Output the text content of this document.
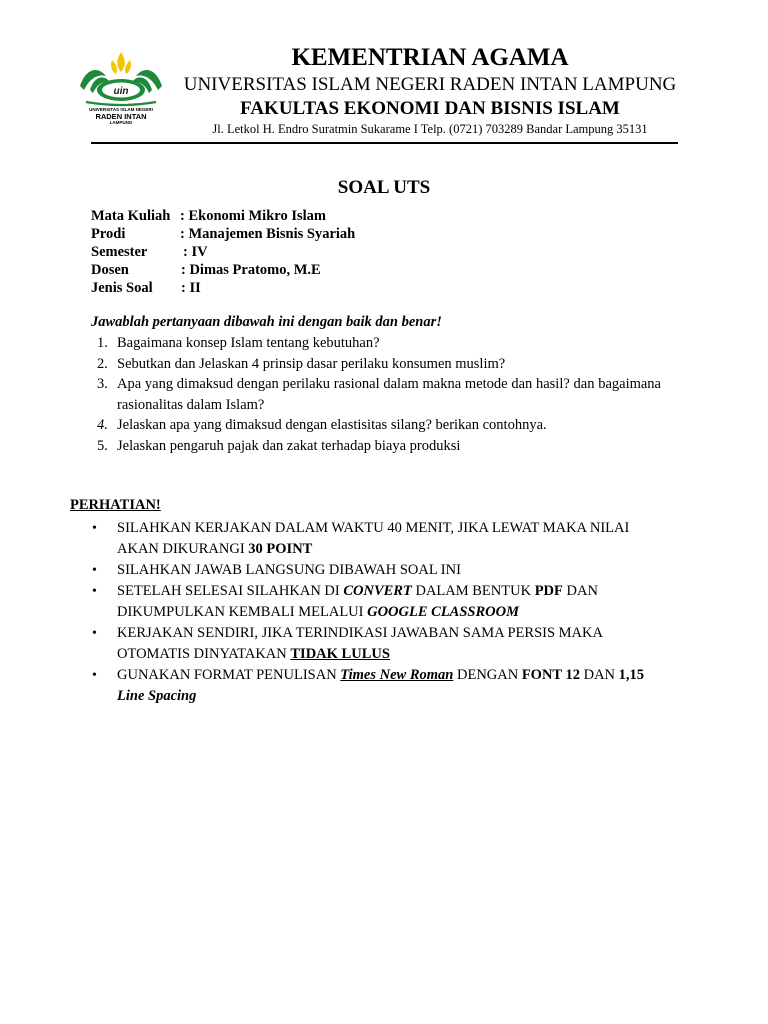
uin
UNIVERSITAS ISLAM NEGERI
RADEN INTAN
LAMPUNG
KEMENTRIAN AGAMA
UNIVERSITAS ISLAM NEGERI RADEN INTAN LAMPUNG
FAKULTAS EKONOMI DAN BISNIS ISLAM
Jl. Letkol H. Endro Suratmin Sukarame I Telp. (0721) 703289 Bandar Lampung 35131
SOAL UTS
Mata Kuliah : Ekonomi Mikro Islam
Prodi	: Manajemen Bisnis Syariah
Semester : IV
Dosen	: Dimas Pratomo, M.E
Jenis Soal : II
Jawablah pertanyaan dibawah ini dengan baik dan benar!
1. Bagaimana konsep Islam tentang kebutuhan?
2. Sebutkan dan Jelaskan 4 prinsip dasar perilaku konsumen muslim?
3. Apa yang dimaksud dengan perilaku rasional dalam makna metode dan hasil? dan bagaimana rasionalitas dalam Islam?
4. Jelaskan apa yang dimaksud dengan elastisitas silang? berikan contohnya.
5. Jelaskan pengaruh pajak dan zakat terhadap biaya produksi
PERHATIAN!
• SILAHKAN KERJAKAN DALAM WAKTU 40 MENIT, JIKA LEWAT MAKA NILAI AKAN DIKURANGI 30 POINT
• SILAHKAN JAWAB LANGSUNG DIBAWAH SOAL INI
• SETELAH SELESAI SILAHKAN DI CONVERT DALAM BENTUK PDF DAN DIKUMPULKAN KEMBALI MELALUI GOOGLE CLASSROOM
• KERJAKAN SENDIRI, JIKA TERINDIKASI JAWABAN SAMA PERSIS MAKA OTOMATIS DINYATAKAN TIDAK LULUS
• GUNAKAN FORMAT PENULISAN Times New Roman DENGAN FONT 12 DAN 1,15 Line Spacing
